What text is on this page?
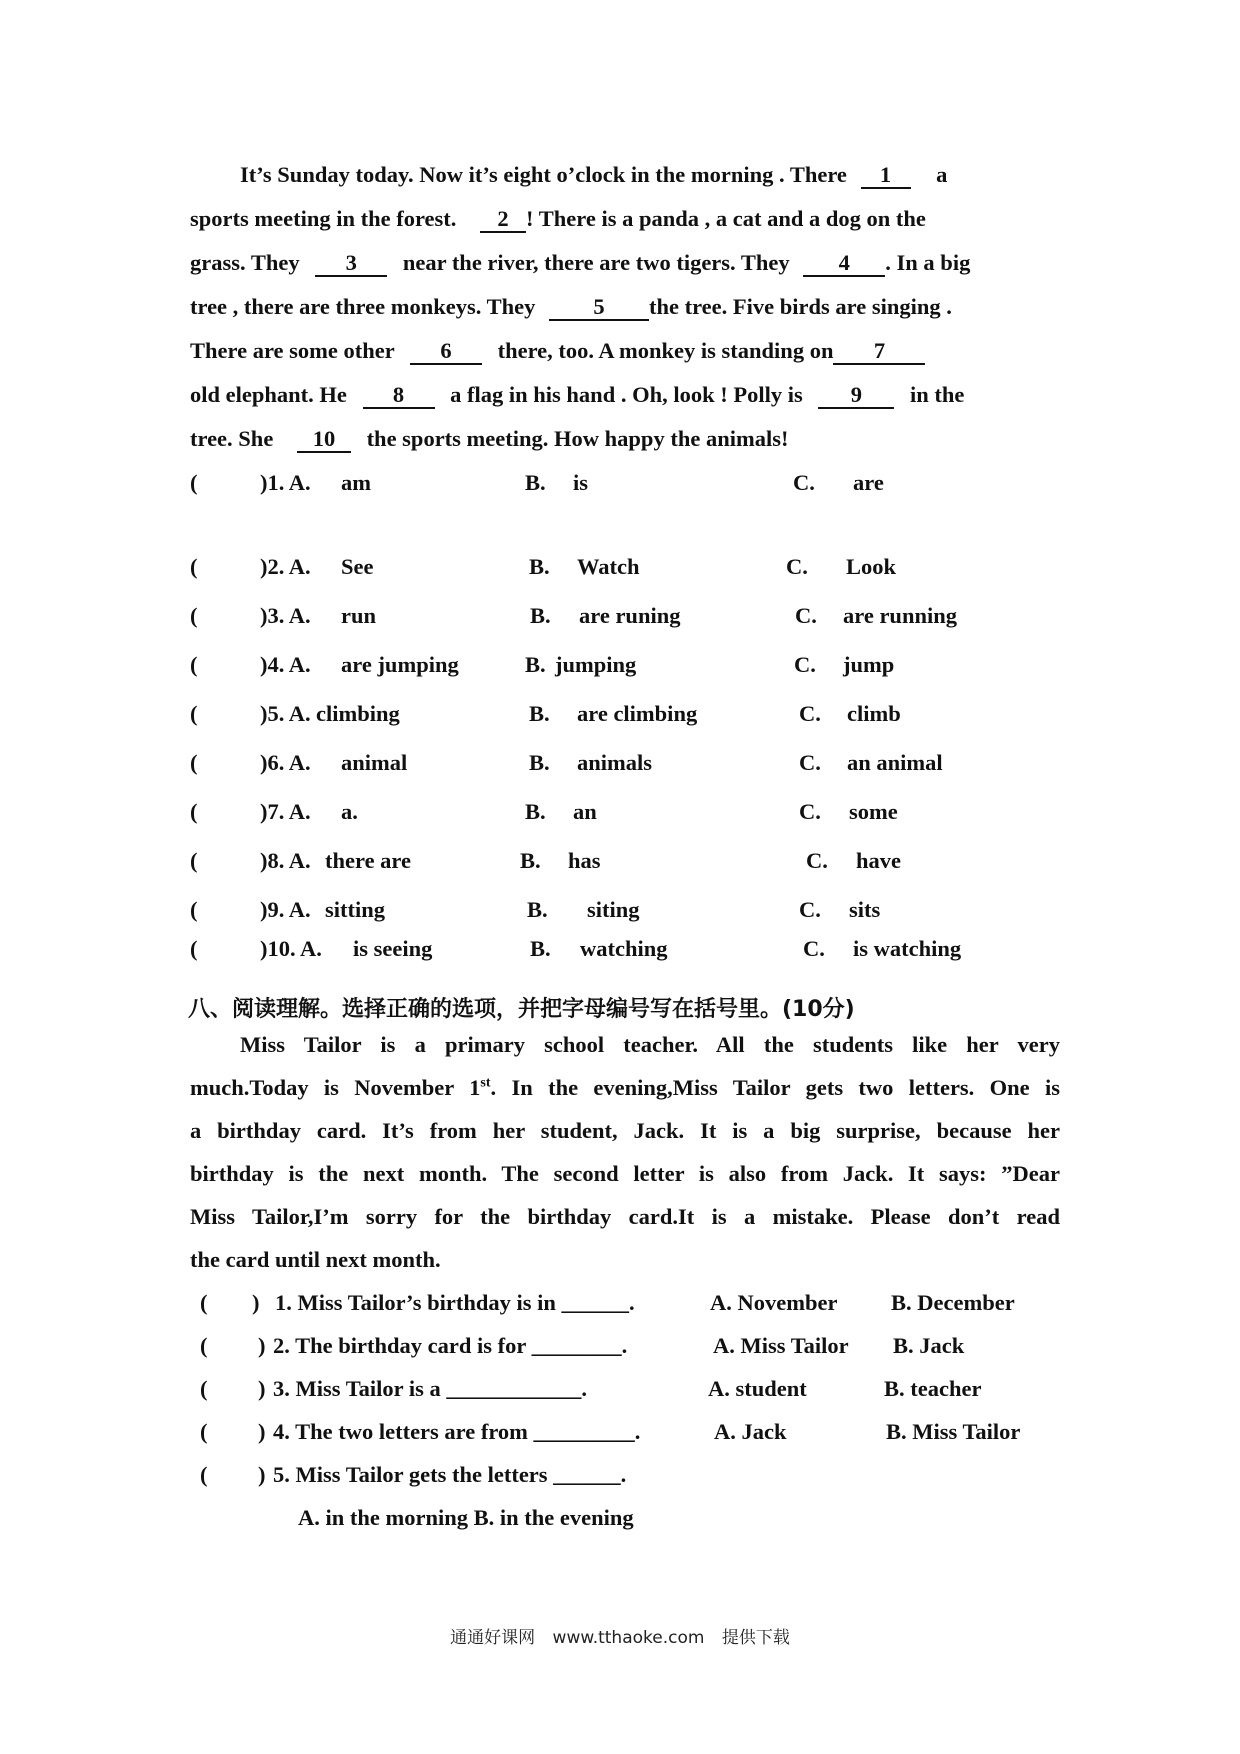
It’s Sunday today. Now it’s eight o’clock in the morning . There 1 a
sports meeting in the forest. 2 ! There is a panda , a cat and a dog on the
grass. They 3 near the river, there are two tigers. They 4 . In a big
tree , there are three monkeys. They	5 the tree. Five birds are singing .
There are some other 6 there, too. A monkey is standing on 7
old elephant. He 8 a flag in his hand . Oh, look ! Polly is 9 in the
tree. She 10 the sports meeting. How happy the animals!
(	)1. A. am	B. is	C. are
(	)2. A. See	B. Watch	C. Look
(	)3. A. run	B. are runing	C. are running
(	)4. A. are jumping	B. jumping	C. jump
(	)5. A. climbing	B. are climbing	C. climb
(	)6. A. animal	B. animals	C. an animal
(	)7. A. a.	B. an	C. some
(	)8. A. there are	B. has	C. have
(	)9. A. sitting	B. siting	C. sits
(	)10. A. is seeing	B. watching	C. is watching
八、阅读理解。选择正确的选项，并把字母编号写在括号里。(10分)
Miss Tailor is a primary school teacher. All the students like her very
much.Today is November 1st. In the evening,Miss Tailor gets two letters. One is
a birthday card. It’s from her student, Jack. It is a big surprise, because her
birthday is the next month. The second letter is also from Jack. It says: ”Dear
Miss Tailor,I’m sorry for the birthday card.It is a mistake. Please don’t read
the card until next month.
( ) 1. Miss Tailor’s birthday is in ______.	A. November B. December
( ) 2. The birthday card is for ________.	A. Miss Tailor B. Jack
( ) 3. Miss Tailor is a ____________.	A. student	B. teacher
( ) 4. The two letters are from _________.	A. Jack	B. Miss Tailor
( ) 5. Miss Tailor gets the letters ______.
A. in the morning B. in the evening
通通好课网 www.tthaoke.com 提供下载
